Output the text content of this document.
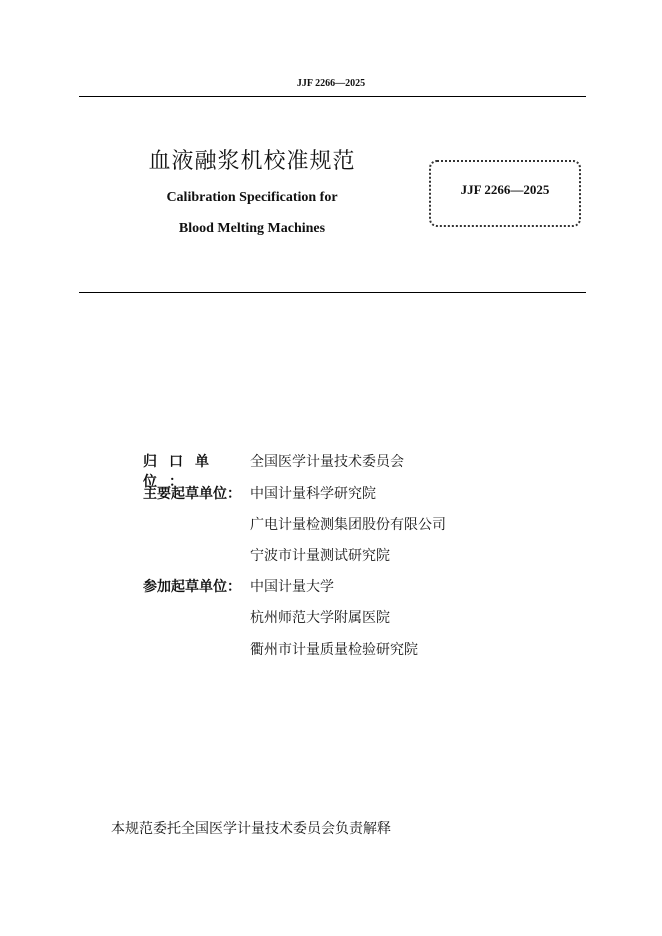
JJF 2266—2025
血液融浆机校准规范
Calibration Specification for
Blood Melting Machines
JJF 2266—2025
归口单位：
全国医学计量技术委员会
主要起草单位： 中国计量科学研究院
广电计量检测集团股份有限公司
宁波市计量测试研究院
参加起草单位： 中国计量大学
杭州师范大学附属医院
衢州市计量质量检验研究院
本规范委托全国医学计量技术委员会负责解释
